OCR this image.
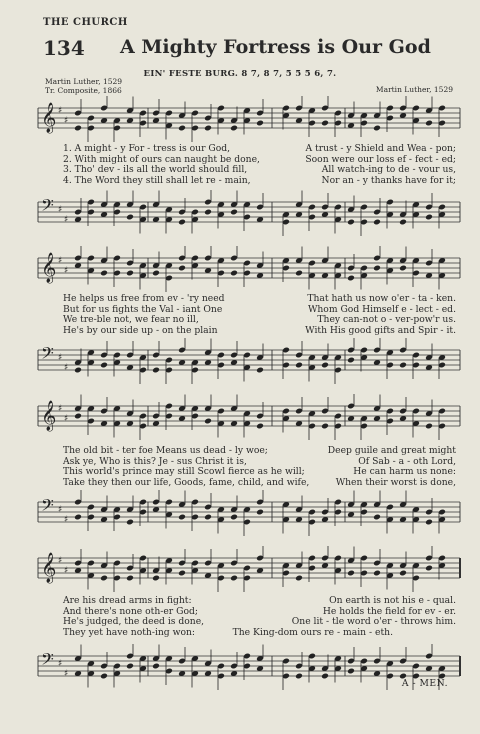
THE CHURCH
134 A Mighty Fortress is Our God
EIN' FESTE BURG. 8 7, 8 7, 5 5 5 6, 7.
Martin Luther, 1529
Tr. Composite, 1866	Martin Luther, 1529
𝄞 ♯
♯
1. A might - y For - tress is our God,	A trust - y Shield and Wea - pon;
2. With might of ours can naught be done,	Soon were our loss ef - fect - ed;
3. Tho' dev - ils all the world should fill,	All watch-ing to de - vour us,
4. The Word they still shall let re - main,	Nor an - y thanks have for it;
𝄢 ♯
♯
𝄞 ♯
♯
He helps us free from ev - 'ry need	That hath us now o'er - ta - ken.
But for us fights the Val - iant One	Whom God Himself e - lect - ed.
We tre-ble not, we fear no ill,	They can-not o - ver-pow'r us.
He's by our side up - on the plain	With His good gifts and Spir - it.
𝄢 ♯
♯
𝄞 ♯
♯
The old bit - ter foe Means us dead - ly woe;	Deep guile and great might
Ask ye, Who is this? Je - sus Christ it is,	Of Sab - a - oth Lord,
This world's prince may still Scowl fierce as he will;	He can harm us none:
Take they then our life, Goods, fame, child, and wife,	When their worst is done,
𝄢 ♯
♯
𝄞 ♯
♯
Are his dread arms in fight:	On earth is not his e - qual.
And there's none oth-er God;	He holds the field for ev - er.
He's judged, the deed is done,	One lit - tle word o'er - throws him.
They yet have noth-ing won:	The King-dom ours re - main - eth.
A - MEN.
𝄢 ♯
♯
